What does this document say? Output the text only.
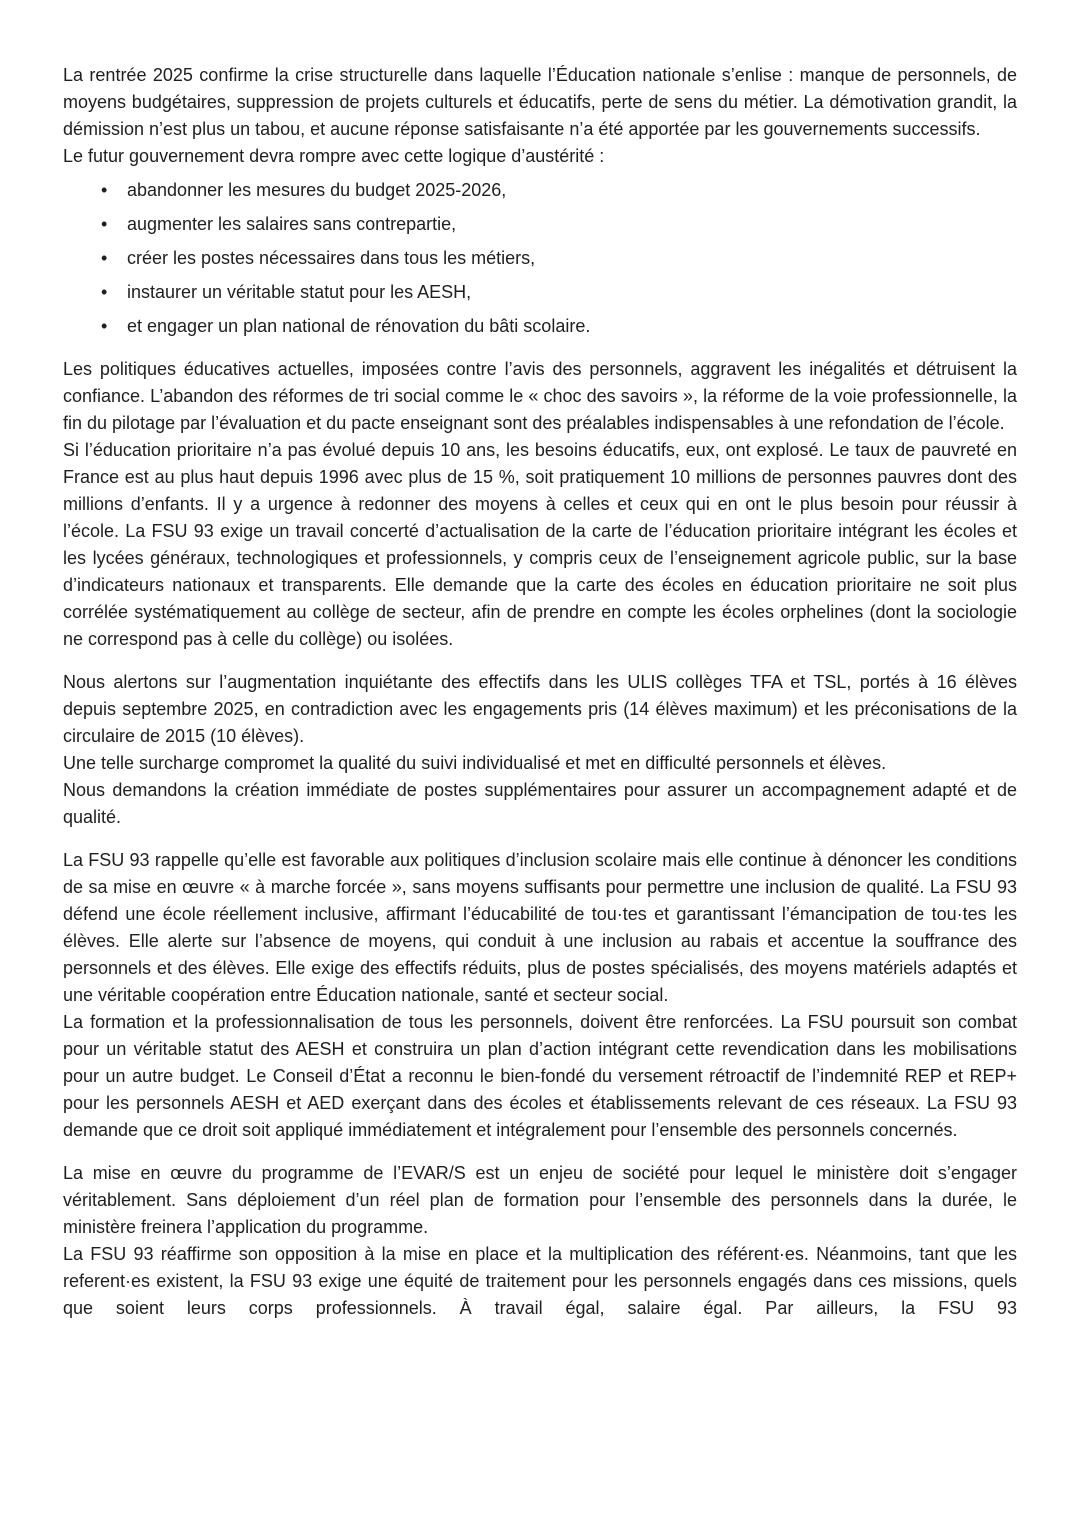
La rentrée 2025 confirme la crise structurelle dans laquelle l’Éducation nationale s’enlise : manque de personnels, de moyens budgétaires, suppression de projets culturels et éducatifs, perte de sens du métier. La démotivation grandit, la démission n’est plus un tabou, et aucune réponse satisfaisante n’a été apportée par les gouvernements successifs.

Le futur gouvernement devra rompre avec cette logique d’austérité :

• abandonner les mesures du budget 2025-2026,
• augmenter les salaires sans contrepartie,
• créer les postes nécessaires dans tous les métiers,
• instaurer un véritable statut pour les AESH,
• et engager un plan national de rénovation du bâti scolaire.

Les politiques éducatives actuelles, imposées contre l’avis des personnels, aggravent les inégalités et détruisent la confiance. L’abandon des réformes de tri social comme le « choc des savoirs », la réforme de la voie professionnelle, la fin du pilotage par l’évaluation et du pacte enseignant sont des préalables indispensables à une refondation de l’école.

Si l’éducation prioritaire n’a pas évolué depuis 10 ans, les besoins éducatifs, eux, ont explosé. Le taux de pauvreté en France est au plus haut depuis 1996 avec plus de 15 %, soit pratiquement 10 millions de personnes pauvres dont des millions d’enfants. Il y a urgence à redonner des moyens à celles et ceux qui en ont le plus besoin pour réussir à l’école. La FSU 93 exige un travail concerté d’actualisation de la carte de l’éducation prioritaire intégrant les écoles et les lycées généraux, technologiques et professionnels, y compris ceux de l’enseignement agricole public, sur la base d’indicateurs nationaux et transparents. Elle demande que la carte des écoles en éducation prioritaire ne soit plus corrélée systématiquement au collège de secteur, afin de prendre en compte les écoles orphelines (dont la sociologie ne correspond pas à celle du collège) ou isolées.

Nous alertons sur l’augmentation inquiétante des effectifs dans les ULIS collèges TFA et TSL, portés à 16 élèves depuis septembre 2025, en contradiction avec les engagements pris (14 élèves maximum) et les préconisations de la circulaire de 2015 (10 élèves).

Une telle surcharge compromet la qualité du suivi individualisé et met en difficulté personnels et élèves.

Nous demandons la création immédiate de postes supplémentaires pour assurer un accompagnement adapté et de qualité.

La FSU 93 rappelle qu’elle est favorable aux politiques d’inclusion scolaire mais elle continue à dénoncer les conditions de sa mise en œuvre « à marche forcée », sans moyens suffisants pour permettre une inclusion de qualité. La FSU 93 défend une école réellement inclusive, affirmant l’éducabilité de tou·tes et garantissant l’émancipation de tou·tes les élèves. Elle alerte sur l’absence de moyens, qui conduit à une inclusion au rabais et accentue la souffrance des personnels et des élèves. Elle exige des effectifs réduits, plus de postes spécialisés, des moyens matériels adaptés et une véritable coopération entre Éducation nationale, santé et secteur social.

La formation et la professionnalisation de tous les personnels, doivent être renforcées. La FSU poursuit son combat pour un véritable statut des AESH et construira un plan d’action intégrant cette revendication dans les mobilisations pour un autre budget. Le Conseil d’État a reconnu le bien-fondé du versement rétroactif de l’indemnité REP et REP+ pour les personnels AESH et AED exerçant dans des écoles et établissements relevant de ces réseaux. La FSU 93 demande que ce droit soit appliqué immédiatement et intégralement pour l’ensemble des personnels concernés.

La mise en œuvre du programme de l’EVAR/S est un enjeu de société pour lequel le ministère doit s’engager véritablement. Sans déploiement d’un réel plan de formation pour l’ensemble des personnels dans la durée, le ministère freinera l’application du programme.

La FSU 93 réaffirme son opposition à la mise en place et la multiplication des référent·es. Néanmoins, tant que les referent·es existent, la FSU 93 exige une équité de traitement pour les personnels engagés dans ces missions, quels que soient leurs corps professionnels. À travail égal, salaire égal. Par ailleurs, la FSU 93
